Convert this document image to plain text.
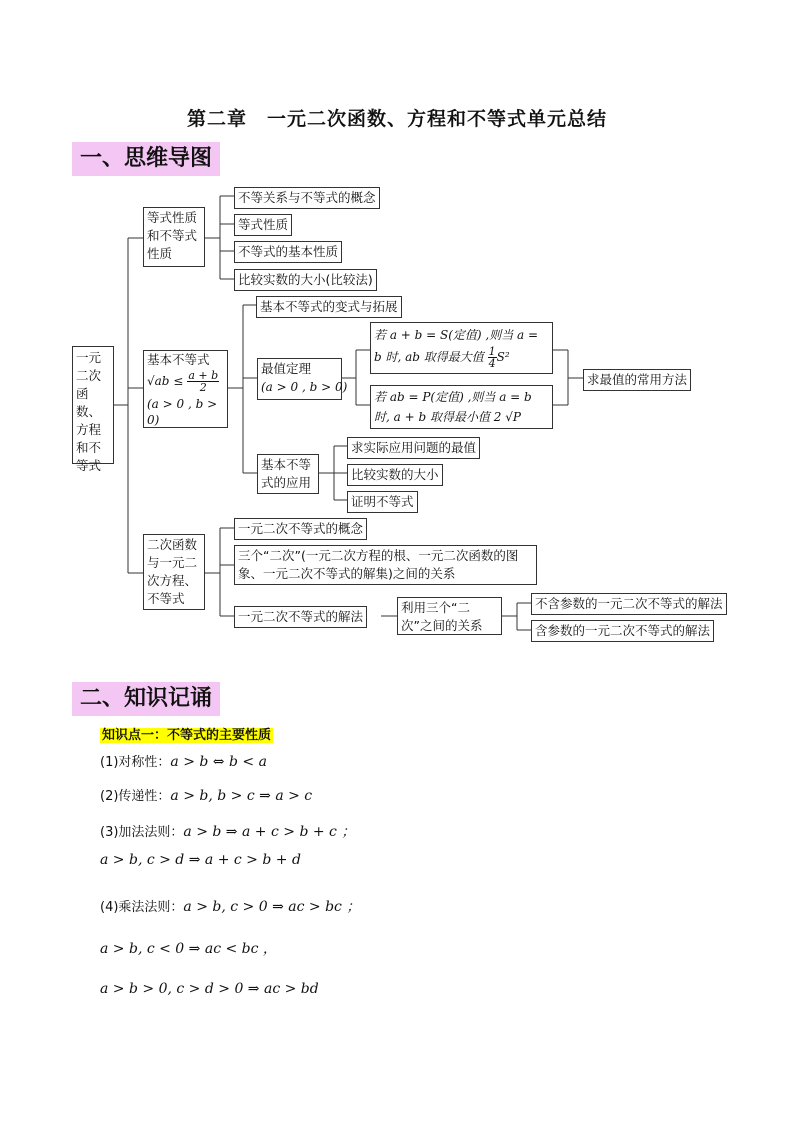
第二章　一元二次函数、方程和不等式单元总结
一、思维导图
一元二次函数、方程和不等式
等式性质和不等式性质
不等关系与不等式的概念
等式性质
不等式的基本性质
比较实数的大小(比较法)
基本不等式
$√ab \le \frac{a + b}{2}$
(a > 0 , b > 0)
基本不等式的变式与拓展
最值定理
(a > 0 , b > 0)
若 a + b = S(定值) ,则当 a =
b 时, ab 取得最大值 $\frac{1}{4} S^2$
若 ab = P(定值) ,则当 a = b
时, a + b 取得最小值 2 √P
求最值的常用方法
基本不等式的应用
求实际应用问题的最值
比较实数的大小
证明不等式
二次函数与一元二次方程、不等式
一元二次不等式的概念
三个“二次”(一元二次方程的根、一元二次函数的图象、一元二次不等式的解集)之间的关系
一元二次不等式的解法
利用三个“二次”之间的关系
不含参数的一元二次不等式的解法
含参数的一元二次不等式的解法
二、知识记诵
知识点一：不等式的主要性质
(1)对称性：a > b ⇔ b < a
(2)传递性：a > b, b > c ⇒ a > c
(3)加法法则：a > b ⇒ a + c > b + c ；
a > b, c > d ⇒ a + c > b + d
(4)乘法法则：a > b, c > 0 ⇒ ac > bc ；
a > b, c < 0 ⇒ ac < bc ，
a > b > 0, c > d > 0 ⇒ ac > bd
